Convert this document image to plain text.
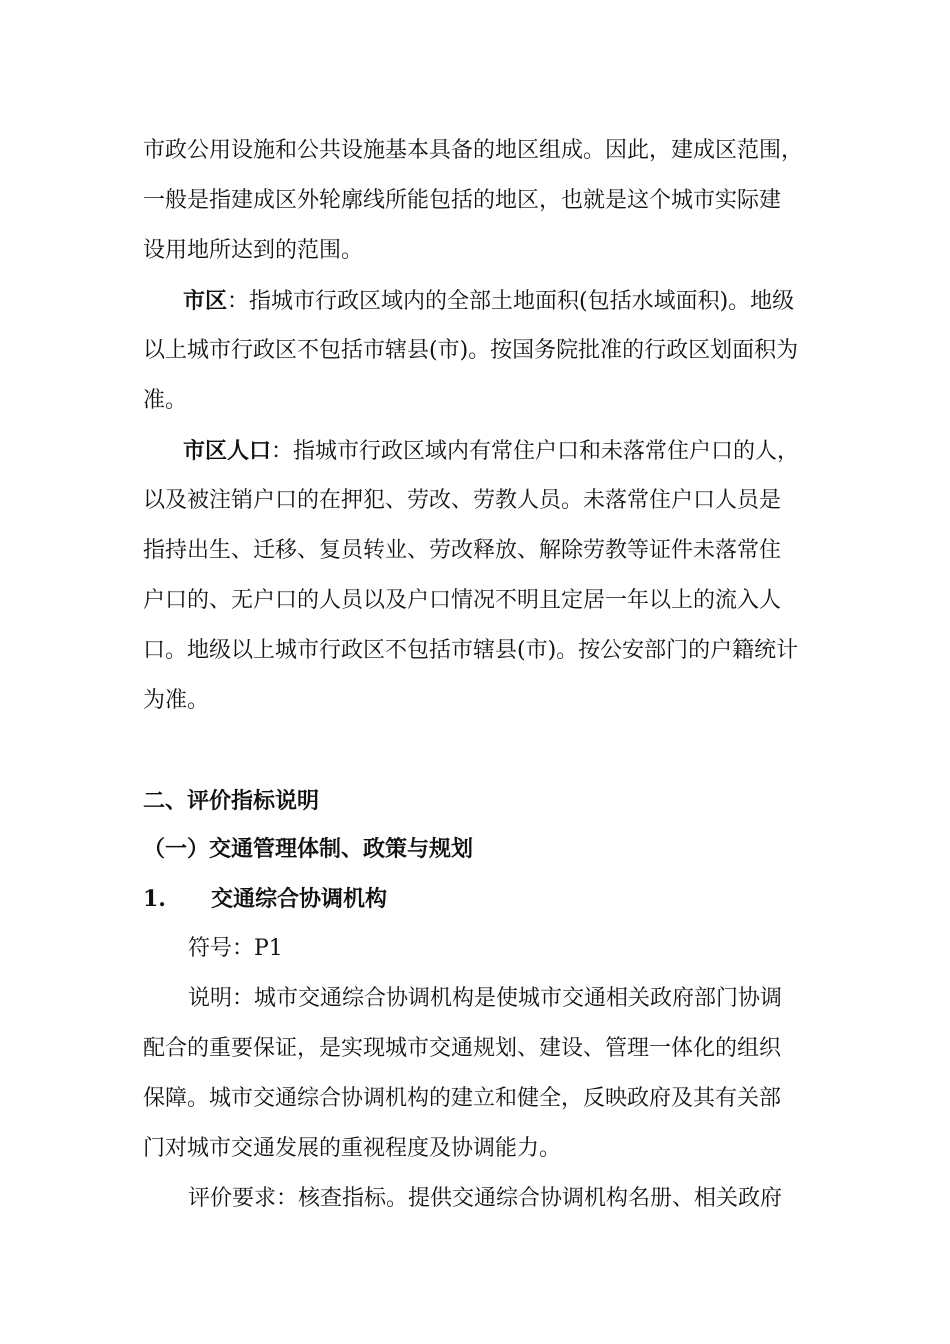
市政公用设施和公共设施基本具备的地区组成。因此，建成区范围，
一般是指建成区外轮廓线所能包括的地区，也就是这个城市实际建
设用地所达到的范围。
市区：指城市行政区域内的全部土地面积(包括水域面积)。地级
以上城市行政区不包括市辖县(市)。按国务院批准的行政区划面积为
准。
市区人口：指城市行政区域内有常住户口和未落常住户口的人，
以及被注销户口的在押犯、劳改、劳教人员。未落常住户口人员是
指持出生、迁移、复员转业、劳改释放、解除劳教等证件未落常住
户口的、无户口的人员以及户口情况不明且定居一年以上的流入人
口。地级以上城市行政区不包括市辖县(市)。按公安部门的户籍统计
为准。
二、评价指标说明
（一）交通管理体制、政策与规划
1. 交通综合协调机构
符号：P1
说明：城市交通综合协调机构是使城市交通相关政府部门协调
配合的重要保证，是实现城市交通规划、建设、管理一体化的组织
保障。城市交通综合协调机构的建立和健全，反映政府及其有关部
门对城市交通发展的重视程度及协调能力。
评价要求：核查指标。提供交通综合协调机构名册、相关政府
